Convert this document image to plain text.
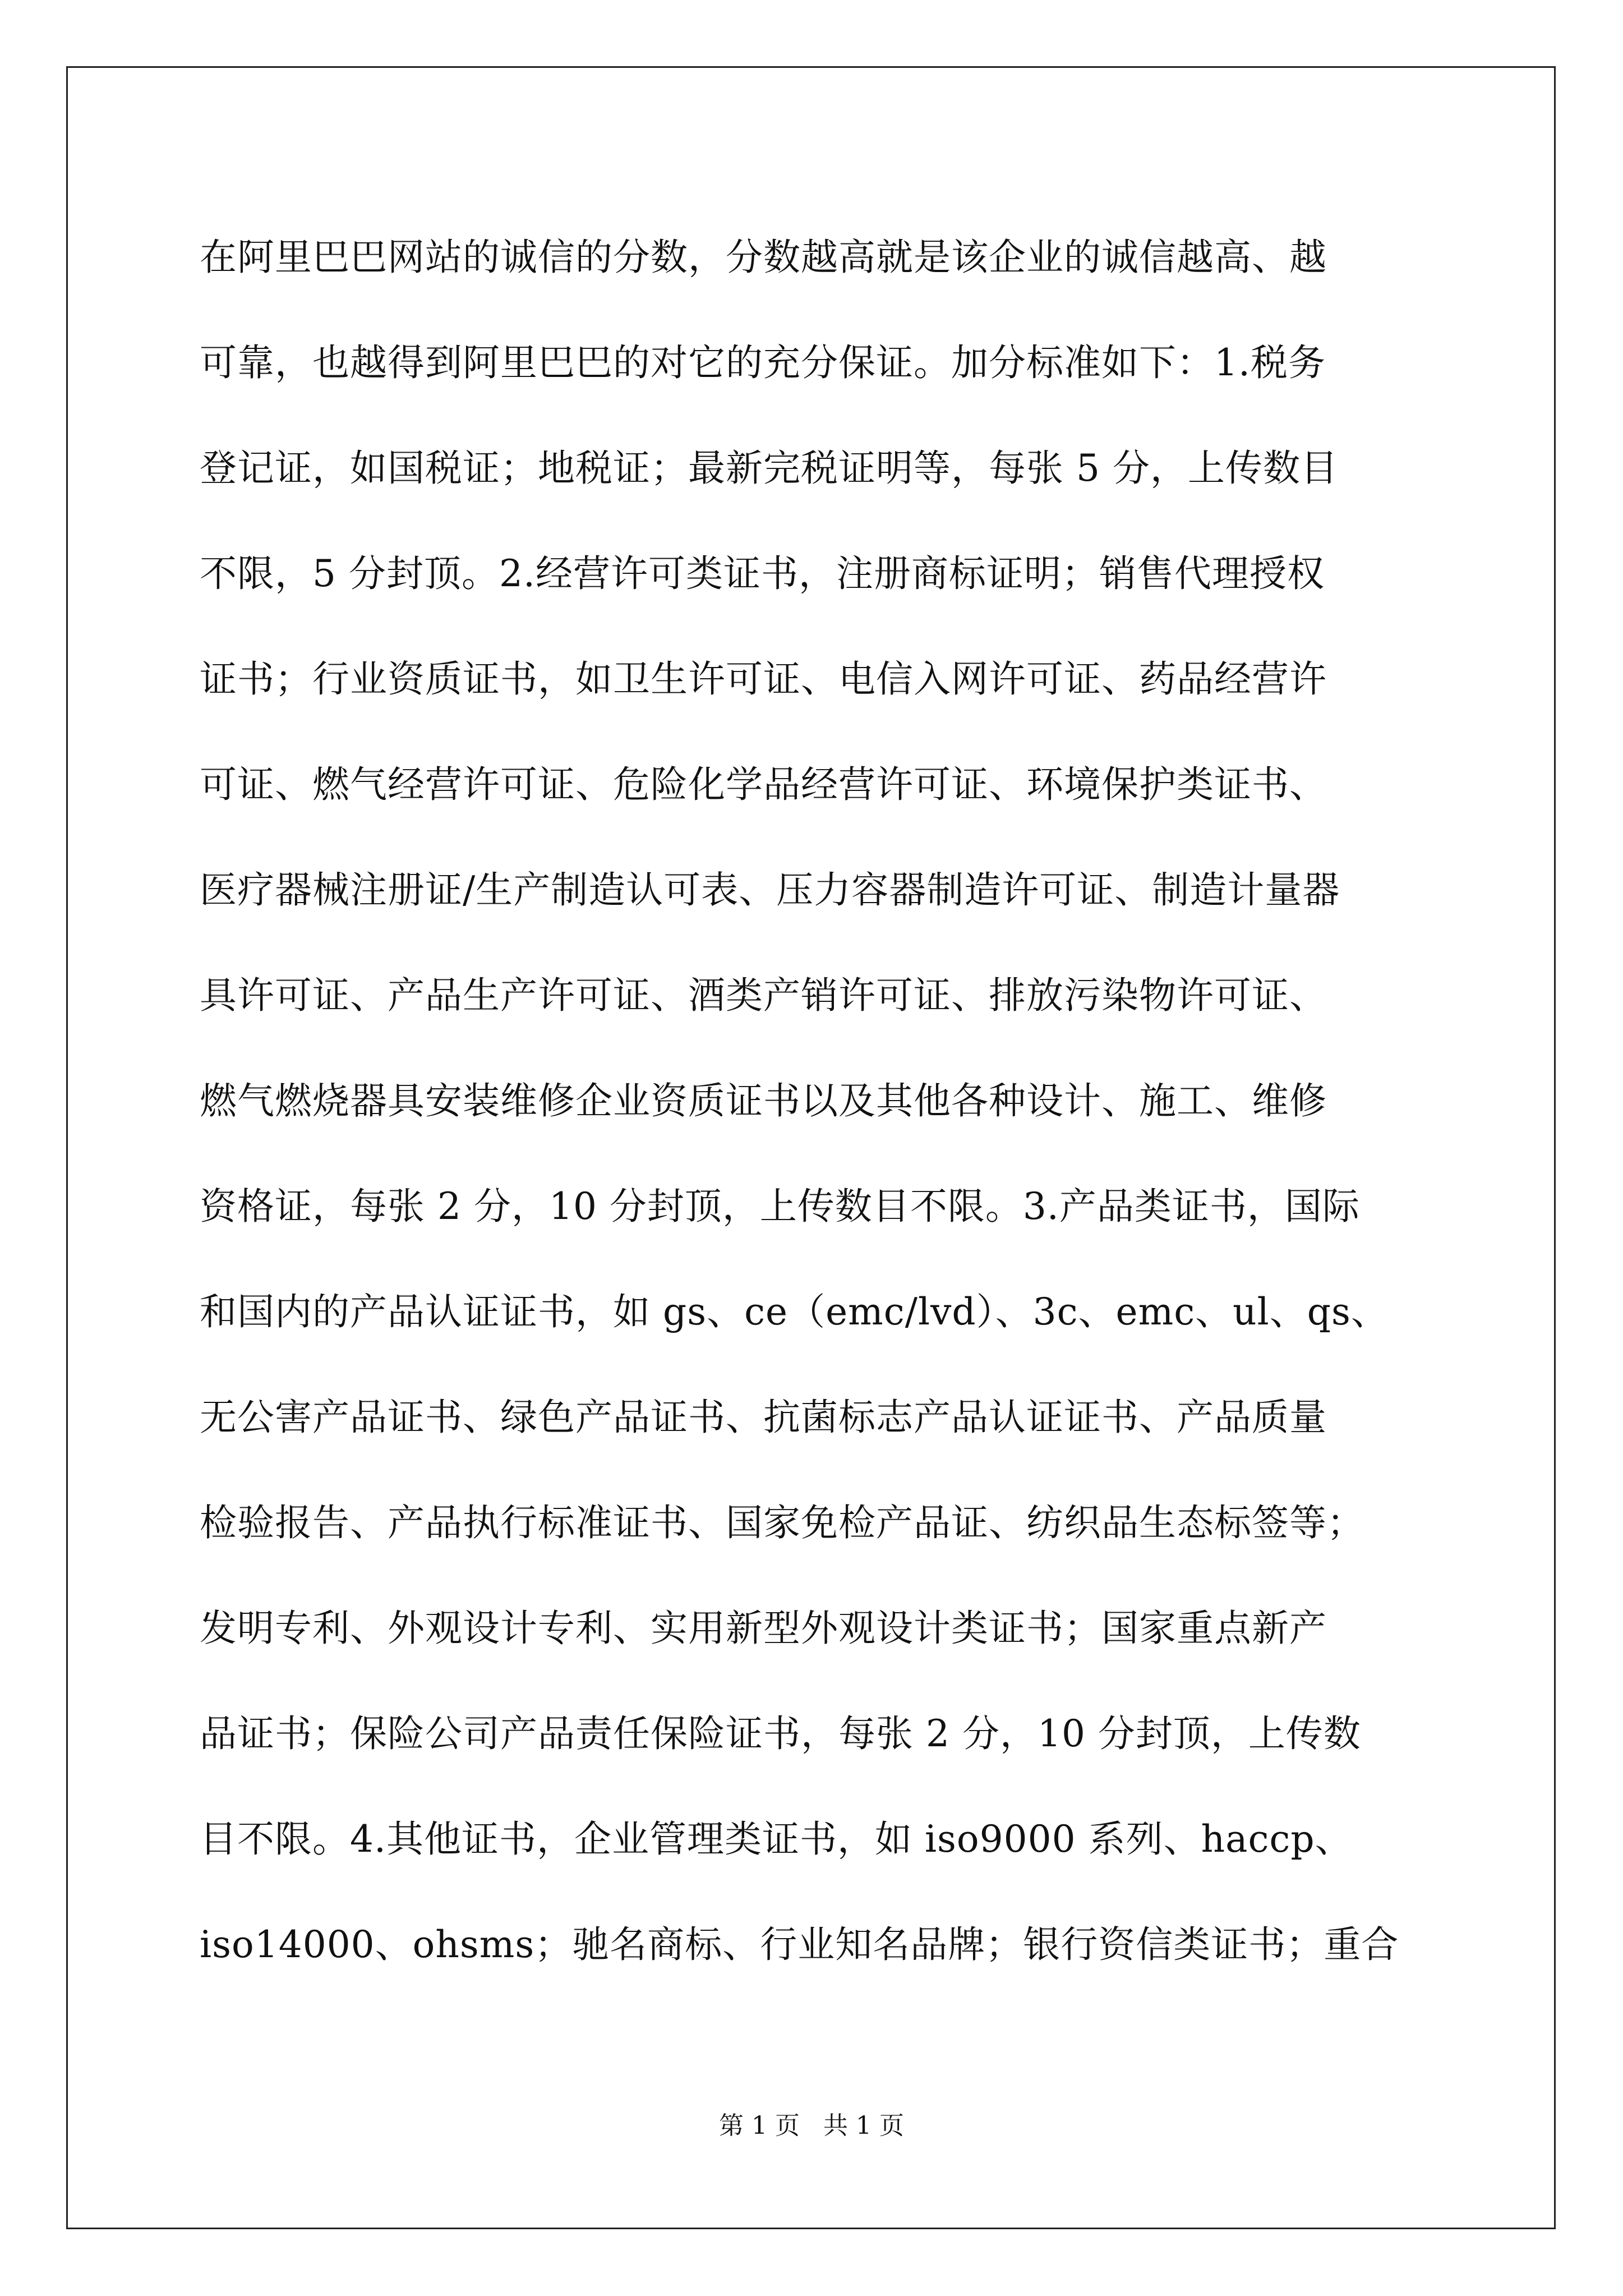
在阿里巴巴网站的诚信的分数，分数越高就是该企业的诚信越高、越
可靠，也越得到阿里巴巴的对它的充分保证。加分标准如下：1.税务
登记证，如国税证；地税证；最新完税证明等，每张 5 分，上传数目
不限，5 分封顶。2.经营许可类证书，注册商标证明；销售代理授权
证书；行业资质证书，如卫生许可证、电信入网许可证、药品经营许
可证、燃气经营许可证、危险化学品经营许可证、环境保护类证书、
医疗器械注册证/生产制造认可表、压力容器制造许可证、制造计量器
具许可证、产品生产许可证、酒类产销许可证、排放污染物许可证、
燃气燃烧器具安装维修企业资质证书以及其他各种设计、施工、维修
资格证，每张 2 分，10 分封顶，上传数目不限。3.产品类证书，国际
和国内的产品认证证书，如 gs、ce（emc/lvd）、3c、emc、ul、qs、
无公害产品证书、绿色产品证书、抗菌标志产品认证证书、产品质量
检验报告、产品执行标准证书、国家免检产品证、纺织品生态标签等；
发明专利、外观设计专利、实用新型外观设计类证书；国家重点新产
品证书；保险公司产品责任保险证书，每张 2 分，10 分封顶，上传数
目不限。4.其他证书，企业管理类证书，如 iso9000 系列、haccp、
iso14000、ohsms；驰名商标、行业知名品牌；银行资信类证书；重合
第 1 页   共 1 页
